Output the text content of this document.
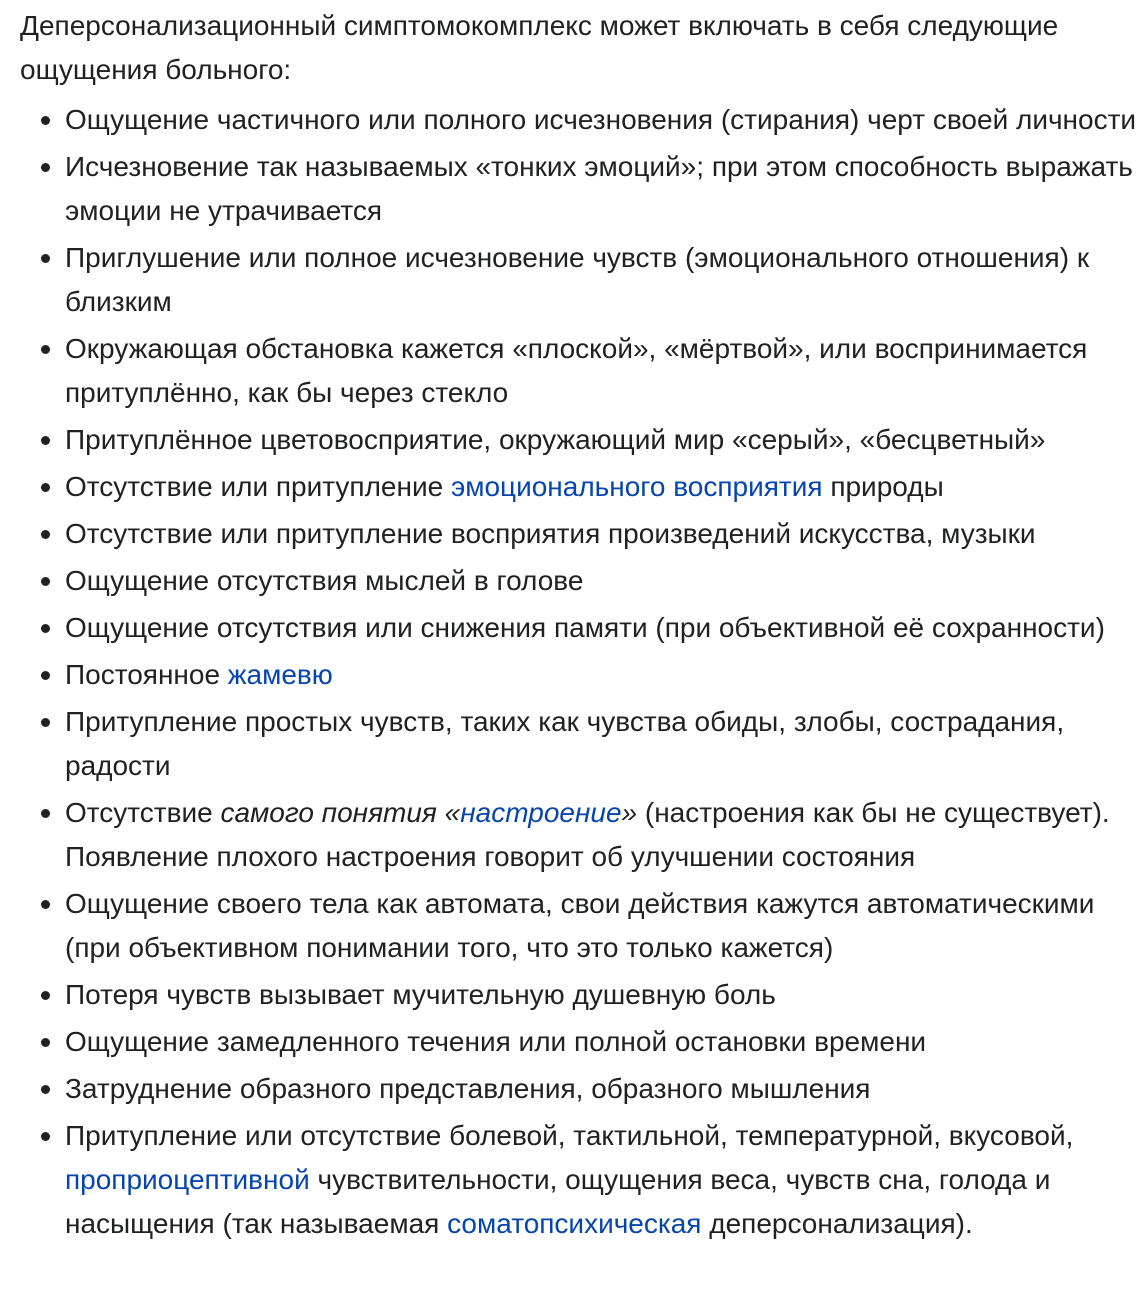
Деперсонализационный симптомокомплекс может включать в себя следующие ощущения больного:

Ощущение частичного или полного исчезновения (стирания) черт своей личности
Исчезновение так называемых «тонких эмоций»; при этом способность выражать эмоции не утрачивается
Приглушение или полное исчезновение чувств (эмоционального отношения) к близким
Окружающая обстановка кажется «плоской», «мёртвой», или воспринимается притуплённо, как бы через стекло
Притуплённое цветовосприятие, окружающий мир «серый», «бесцветный»
Отсутствие или притупление эмоционального восприятия природы
Отсутствие или притупление восприятия произведений искусства, музыки
Ощущение отсутствия мыслей в голове
Ощущение отсутствия или снижения памяти (при объективной её сохранности)
Постоянное жамевю
Притупление простых чувств, таких как чувства обиды, злобы, сострадания, радости
Отсутствие самого понятия «настроение» (настроения как бы не существует). Появление плохого настроения говорит об улучшении состояния
Ощущение своего тела как автомата, свои действия кажутся автоматическими (при объективном понимании того, что это только кажется)
Потеря чувств вызывает мучительную душевную боль
Ощущение замедленного течения или полной остановки времени
Затруднение образного представления, образного мышления
Притупление или отсутствие болевой, тактильной, температурной, вкусовой, проприоцептивной чувствительности, ощущения веса, чувств сна, голода и насыщения (так называемая соматопсихическая деперсонализация).
